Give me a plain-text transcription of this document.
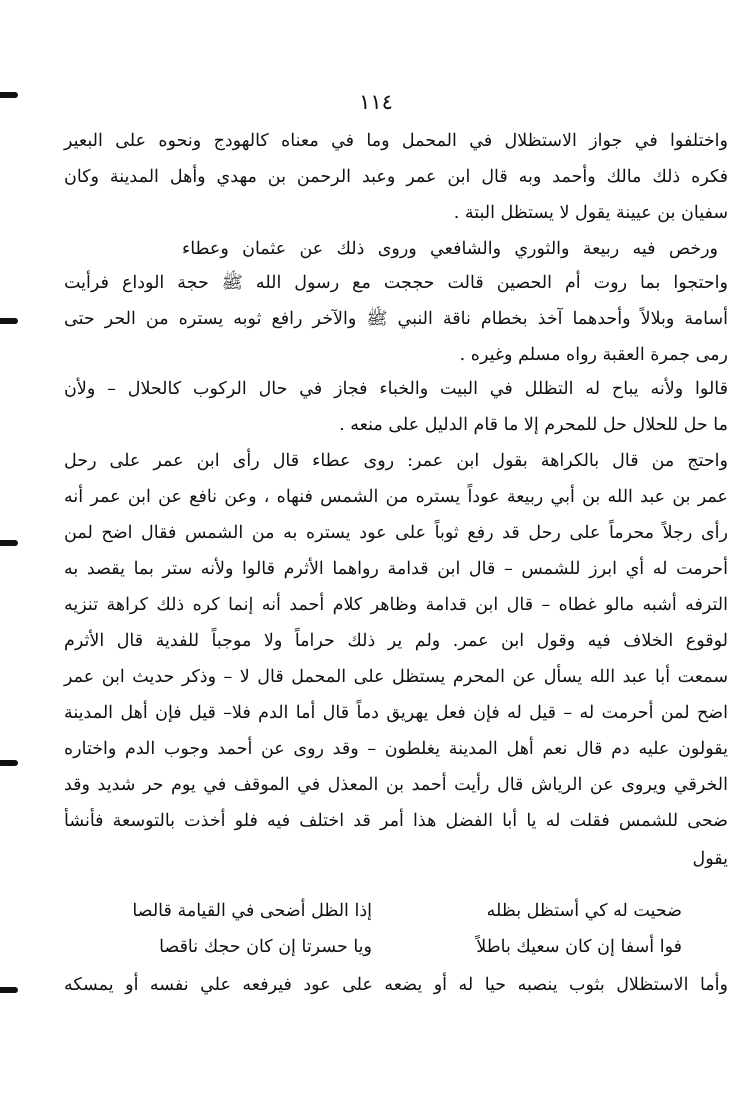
١١٤
واختلفوا في جواز الاستظلال في المحمل وما في معناه كالهودج ونحوه على البعير
فكره ذلك مالك وأحمد وبه قال ابن عمر وعبد الرحمن بن مهدي وأهل المدينة وكان
سفيان بن عيينة يقول لا يستظل البتة .
ورخص فيه ربيعة والثوري والشافعي وروى ذلك عن عثمان وعطاء
واحتجوا بما روت أم الحصين قالت حججت مع رسول الله ﷺ حجة الوداع فرأيت
أسامة وبلالاً وأحدهما آخذ بخطام ناقة النبي ﷺ والآخر رافع ثوبه يستره من الحر حتى
رمى جمرة العقبة رواه مسلم وغيره .
قالوا ولأنه يباح له التظلل في البيت والخباء فجاز في حال الركوب كالحلال – ولأن
ما حل للحلال حل للمحرم إلا ما قام الدليل على منعه .
واحتج من قال بالكراهة بقول ابن عمر: روى عطاء قال رأى ابن عمر على رحل
عمر بن عبد الله بن أبي ربيعة عوداً يستره من الشمس فنهاه ، وعن نافع عن ابن عمر أنه
رأى رجلاً محرماً على رحل قد رفع ثوباً على عود يستره به من الشمس فقال اضح لمن
أحرمت له أي ابرز للشمس – قال ابن قدامة رواهما الأثرم قالوا ولأنه ستر بما يقصد به
الترفه أشبه مالو غطاه – قال ابن قدامة وظاهر كلام أحمد أنه إنما كره ذلك كراهة تنزيه
لوقوع الخلاف فيه وقول ابن عمر. ولم ير ذلك حراماً ولا موجباً للفدية قال الأثرم
سمعت أبا عبد الله يسأل عن المحرم يستظل على المحمل قال لا – وذكر حديث ابن عمر
اضح لمن أحرمت له – قيل له فإن فعل يهريق دماً قال أما الدم فلا– قيل فإن أهل المدينة
يقولون عليه دم قال نعم أهل المدينة يغلطون – وقد روى عن أحمد وجوب الدم واختاره
الخرقي ويروى عن الرياش قال رأيت أحمد بن المعذل في الموقف في يوم حر شديد وقد
ضحى للشمس فقلت له يا أبا الفضل هذا أمر قد اختلف فيه فلو أخذت بالتوسعة فأنشأ
يقول
ضحيت له كي أستظل بظله
إذا الظل أضحى في القيامة قالصا
فوا أسفا إن كان سعيك باطلاً
ويا حسرتا إن كان حجك ناقصا
وأما الاستظلال بثوب ينصبه حيا له أو يضعه على عود فيرفعه علي نفسه أو يمسكه
